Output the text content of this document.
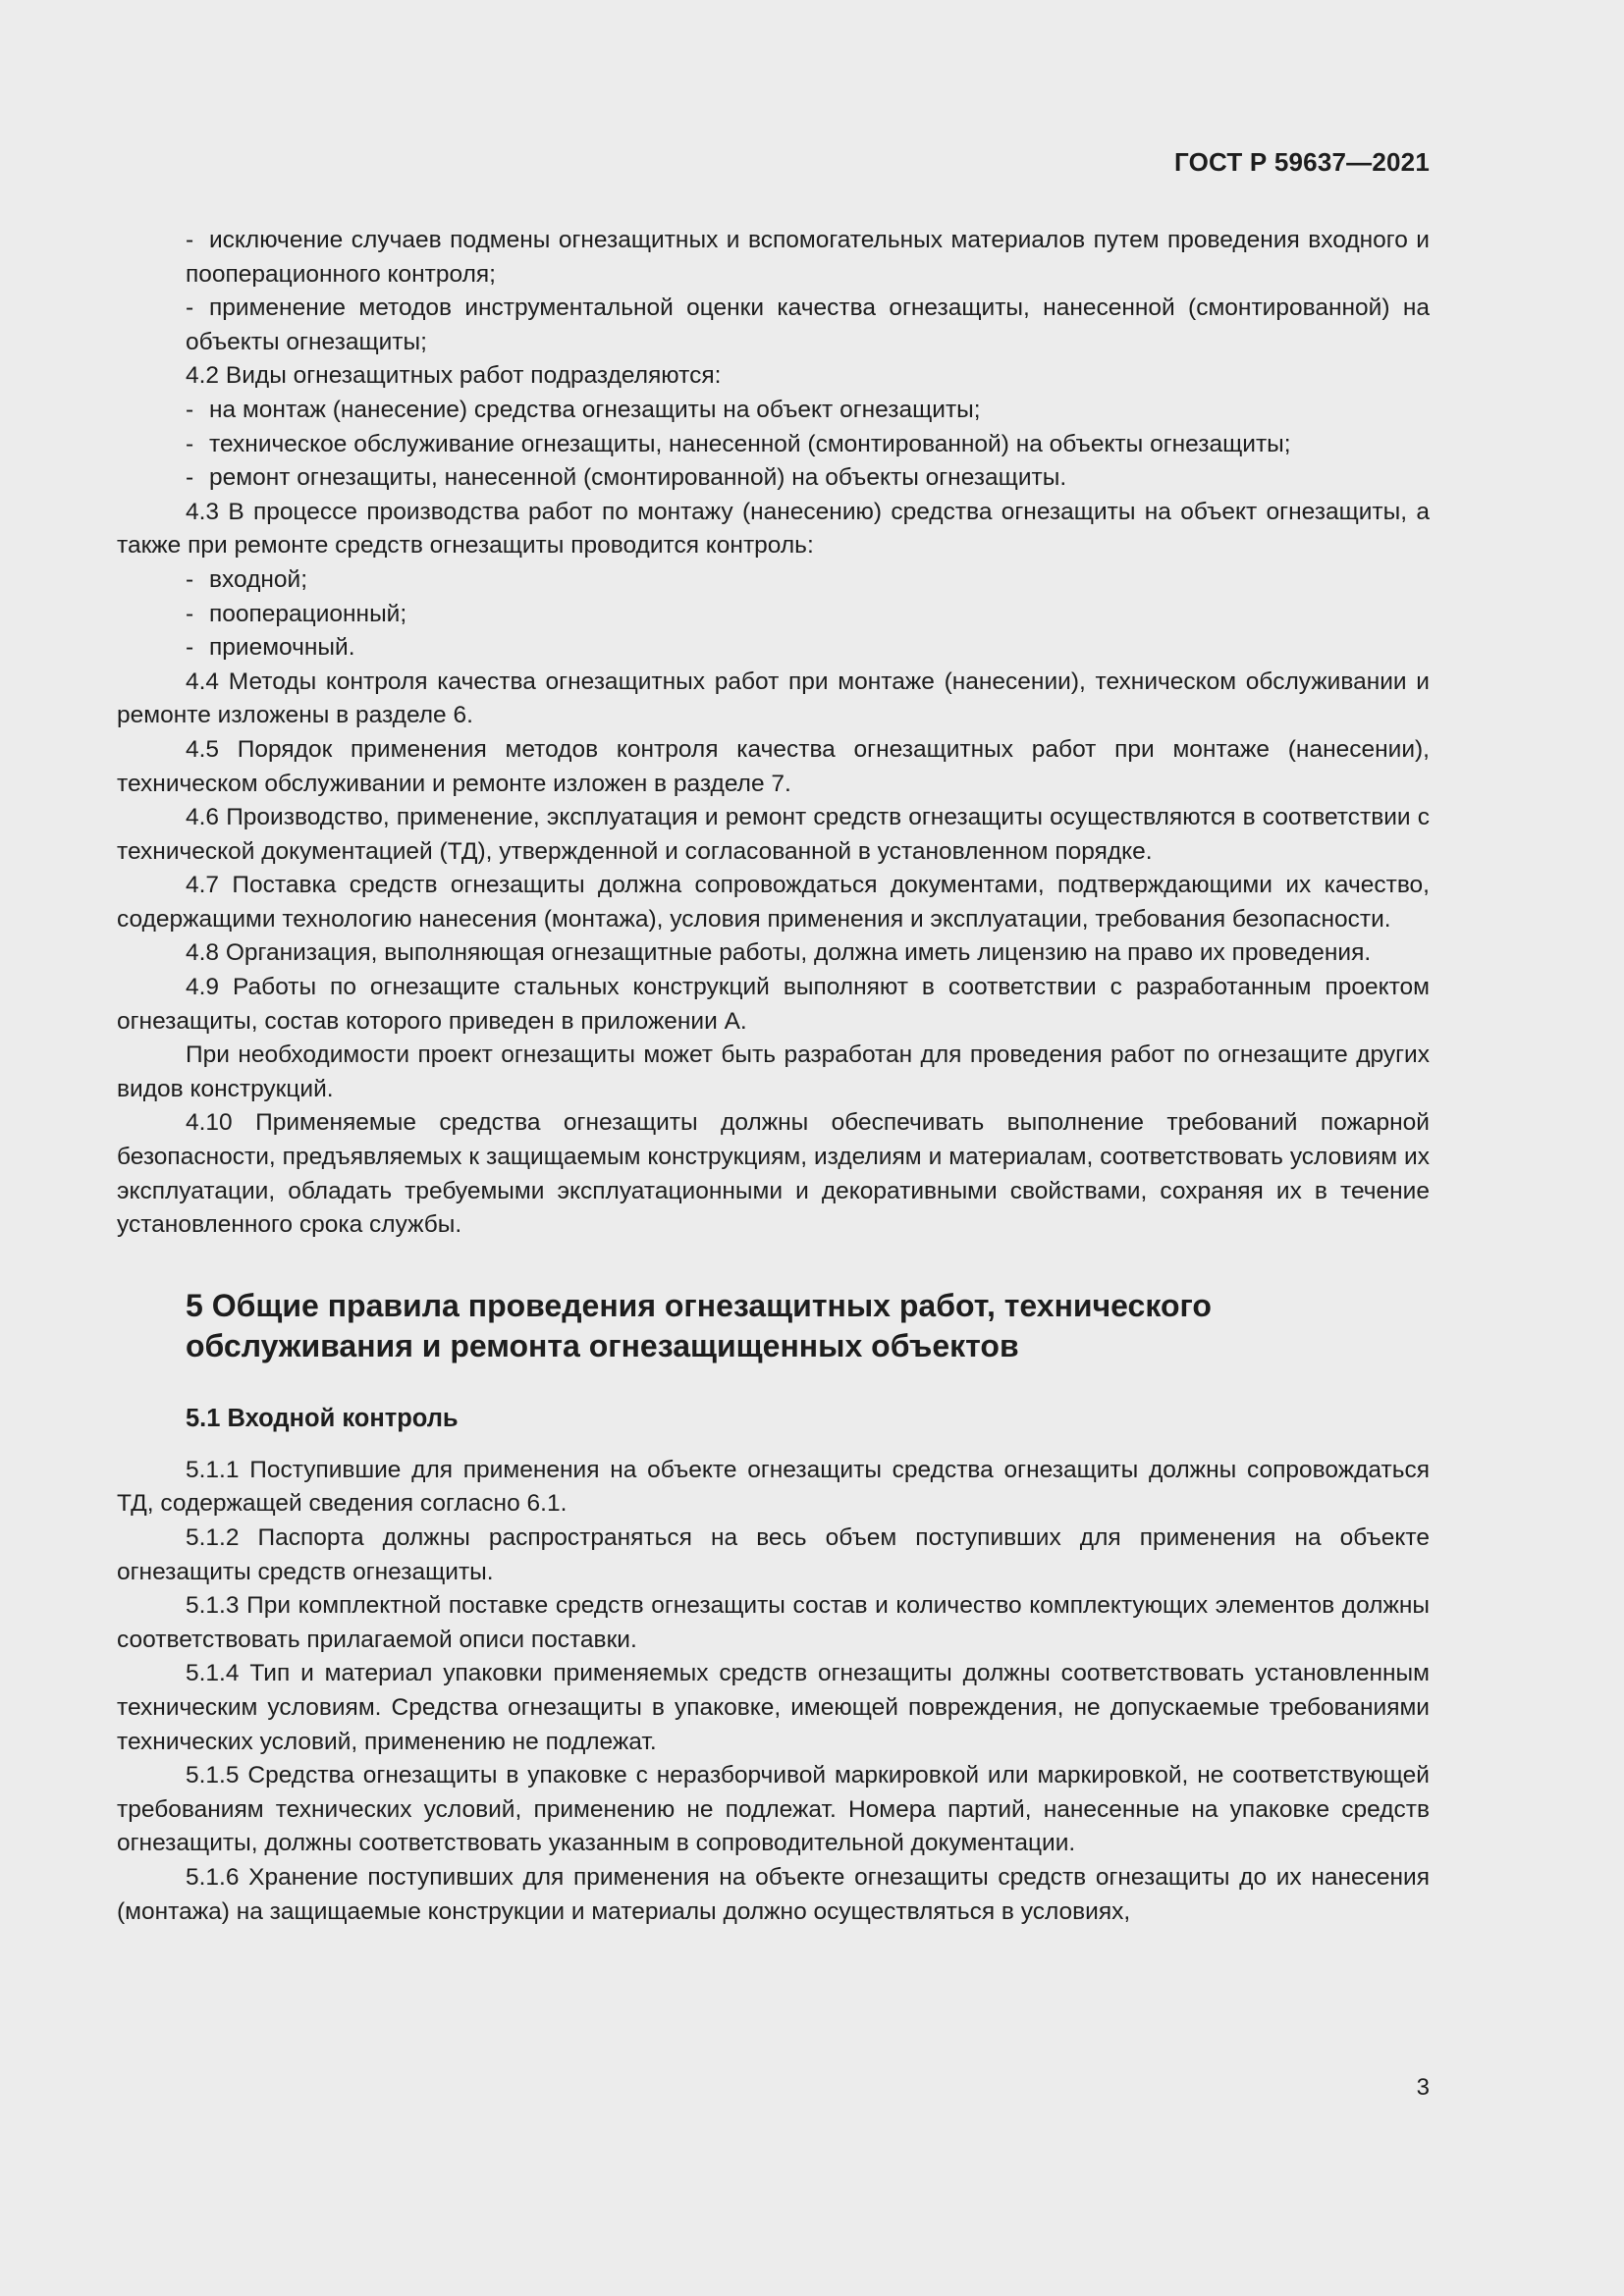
ГОСТ Р 59637—2021
- исключение случаев подмены огнезащитных и вспомогательных материалов путем проведения входного и пооперационного контроля;
- применение методов инструментальной оценки качества огнезащиты, нанесенной (смонтированной) на объекты огнезащиты;
4.2 Виды огнезащитных работ подразделяются:
- на монтаж (нанесение) средства огнезащиты на объект огнезащиты;
- техническое обслуживание огнезащиты, нанесенной (смонтированной) на объекты огнезащиты;
- ремонт огнезащиты, нанесенной (смонтированной) на объекты огнезащиты.
4.3 В процессе производства работ по монтажу (нанесению) средства огнезащиты на объект огнезащиты, а также при ремонте средств огнезащиты проводится контроль:
- входной;
- пооперационный;
- приемочный.
4.4 Методы контроля качества огнезащитных работ при монтаже (нанесении), техническом обслуживании и ремонте изложены в разделе 6.
4.5 Порядок применения методов контроля качества огнезащитных работ при монтаже (нанесении), техническом обслуживании и ремонте изложен в разделе 7.
4.6 Производство, применение, эксплуатация и ремонт средств огнезащиты осуществляются в соответствии с технической документацией (ТД), утвержденной и согласованной в установленном порядке.
4.7 Поставка средств огнезащиты должна сопровождаться документами, подтверждающими их качество, содержащими технологию нанесения (монтажа), условия применения и эксплуатации, требования безопасности.
4.8 Организация, выполняющая огнезащитные работы, должна иметь лицензию на право их проведения.
4.9 Работы по огнезащите стальных конструкций выполняют в соответствии с разработанным проектом огнезащиты, состав которого приведен в приложении А.
При необходимости проект огнезащиты может быть разработан для проведения работ по огнезащите других видов конструкций.
4.10 Применяемые средства огнезащиты должны обеспечивать выполнение требований пожарной безопасности, предъявляемых к защищаемым конструкциям, изделиям и материалам, соответствовать условиям их эксплуатации, обладать требуемыми эксплуатационными и декоративными свойствами, сохраняя их в течение установленного срока службы.
5 Общие правила проведения огнезащитных работ, технического обслуживания и ремонта огнезащищенных объектов
5.1 Входной контроль
5.1.1 Поступившие для применения на объекте огнезащиты средства огнезащиты должны сопровождаться ТД, содержащей сведения согласно 6.1.
5.1.2 Паспорта должны распространяться на весь объем поступивших для применения на объекте огнезащиты средств огнезащиты.
5.1.3 При комплектной поставке средств огнезащиты состав и количество комплектующих элементов должны соответствовать прилагаемой описи поставки.
5.1.4 Тип и материал упаковки применяемых средств огнезащиты должны соответствовать установленным техническим условиям. Средства огнезащиты в упаковке, имеющей повреждения, не допускаемые требованиями технических условий, применению не подлежат.
5.1.5 Средства огнезащиты в упаковке с неразборчивой маркировкой или маркировкой, не соответствующей требованиям технических условий, применению не подлежат. Номера партий, нанесенные на упаковке средств огнезащиты, должны соответствовать указанным в сопроводительной документации.
5.1.6 Хранение поступивших для применения на объекте огнезащиты средств огнезащиты до их нанесения (монтажа) на защищаемые конструкции и материалы должно осуществляться в условиях,
3
